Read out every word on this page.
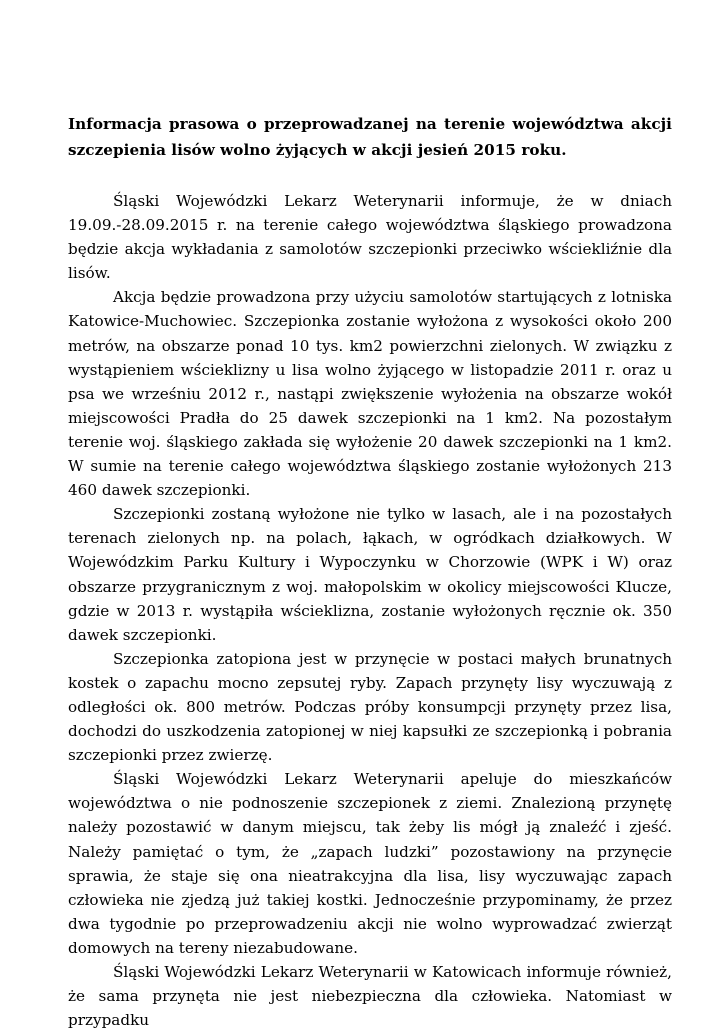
Informacja prasowa o przeprowadzanej na terenie województwa akcji szczepienia lisów wolno żyjących w akcji jesień 2015 roku.

Śląski Wojewódzki Lekarz Weterynarii informuje, że w dniach 19.09.-28.09.2015 r. na terenie całego województwa śląskiego prowadzona będzie akcja wykładania z samolotów szczepionki przeciwko wściekliźnie dla lisów.

Akcja będzie prowadzona przy użyciu samolotów startujących z lotniska Katowice-Muchowiec. Szczepionka zostanie wyłożona z wysokości około 200 metrów, na obszarze ponad 10 tys. km2 powierzchni zielonych. W związku z wystąpieniem wścieklizny u lisa wolno żyjącego w listopadzie 2011 r. oraz u psa we wrześniu 2012 r., nastąpi zwiększenie wyłożenia na obszarze wokół miejscowości Pradła do 25 dawek szczepionki na 1 km2. Na pozostałym terenie woj. śląskiego zakłada się wyłożenie 20 dawek szczepionki na 1 km2. W sumie na terenie całego województwa śląskiego zostanie wyłożonych 213 460 dawek szczepionki.

Szczepionki zostaną wyłożone nie tylko w lasach, ale i na pozostałych terenach zielonych np. na polach, łąkach, w ogródkach działkowych. W Wojewódzkim Parku Kultury i Wypoczynku w Chorzowie (WPK i W) oraz obszarze przygranicznym z woj. małopolskim w okolicy miejscowości Klucze, gdzie w 2013 r. wystąpiła wścieklizna, zostanie wyłożonych ręcznie ok. 350 dawek szczepionki.

Szczepionka zatopiona jest w przynęcie w postaci małych brunatnych kostek o zapachu mocno zepsutej ryby. Zapach przynęty lisy wyczuwają z odległości ok. 800 metrów. Podczas próby konsumpcji przynęty przez lisa, dochodzi do uszkodzenia zatopionej w niej kapsułki ze szczepionką i pobrania szczepionki przez zwierzę.

Śląski Wojewódzki Lekarz Weterynarii apeluje do mieszkańców województwa o nie podnoszenie szczepionek z ziemi. Znalezioną przynętę należy pozostawić w danym miejscu, tak żeby lis mógł ją znaleźć i zjeść. Należy pamiętać o tym, że „zapach ludzki” pozostawiony na przynęcie sprawia, że staje się ona nieatrakcyjna dla lisa, lisy wyczuwając zapach człowieka nie zjedzą już takiej kostki. Jednocześnie przypominamy, że przez dwa tygodnie po przeprowadzeniu akcji nie wolno wyprowadzać zwierząt domowych na tereny niezabudowane.

Śląski Wojewódzki Lekarz Weterynarii w Katowicach informuje również, że sama przynęta nie jest niebezpieczna dla człowieka. Natomiast w przypadku
